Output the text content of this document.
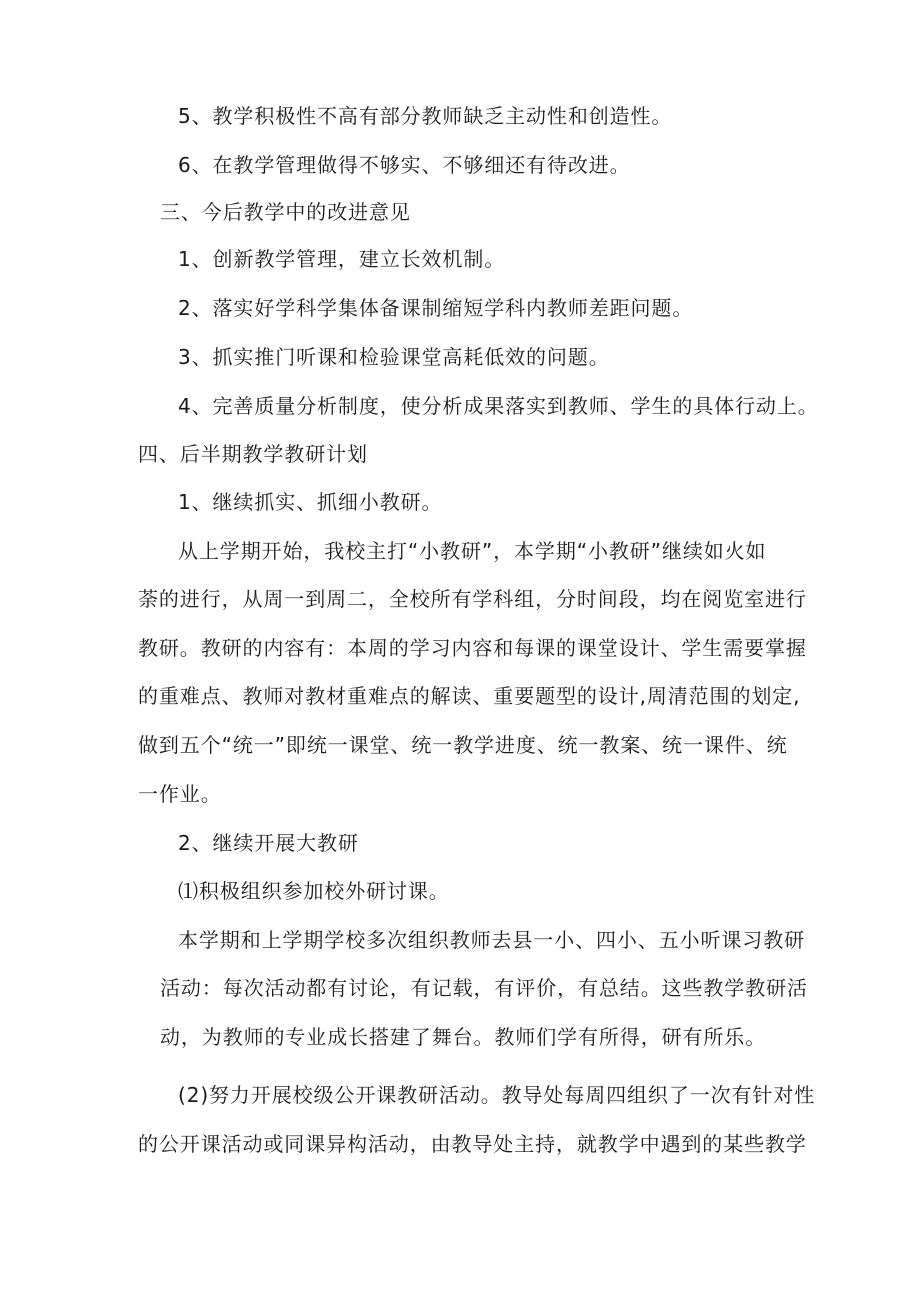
5、教学积极性不高有部分教师缺乏主动性和创造性。
6、在教学管理做得不够实、不够细还有待改进。
三、今后教学中的改进意见
1、创新教学管理，建立长效机制。
2、落实好学科学集体备课制缩短学科内教师差距问题。
3、抓实推门听课和检验课堂高耗低效的问题。
4、完善质量分析制度，使分析成果落实到教师、学生的具体行动上。
四、后半期教学教研计划
1、继续抓实、抓细小教研。
从上学期开始，我校主打“小教研”，本学期“小教研”继续如火如
荼的进行，从周一到周二，全校所有学科组，分时间段，均在阅览室进行
教研。教研的内容有：本周的学习内容和每课的课堂设计、学生需要掌握
的重难点、教师对教材重难点的解读、重要题型的设计,周清范围的划定,
做到五个“统一”即统一课堂、统一教学进度、统一教案、统一课件、统
一作业。
2、继续开展大教研
⑴积极组织参加校外研讨课。
本学期和上学期学校多次组织教师去县一小、四小、五小听课习教研
活动：每次活动都有讨论，有记载，有评价，有总结。这些教学教研活
动，为教师的专业成长搭建了舞台。教师们学有所得，研有所乐。
(2)努力开展校级公开课教研活动。教导处每周四组织了一次有针对性
的公开课活动或同课异构活动，由教导处主持，就教学中遇到的某些教学
